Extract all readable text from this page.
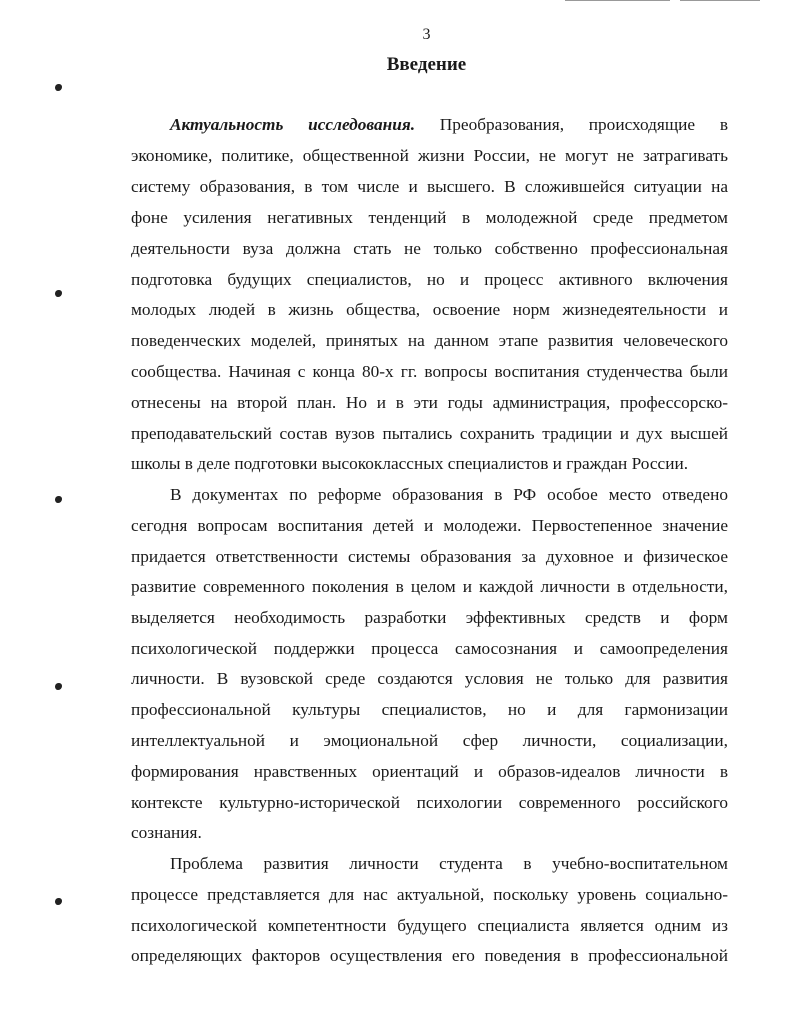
3
Введение
Актуальность исследования. Преобразования, происходящие в
экономике, политике, общественной жизни России, не могут не затрагивать
систему образования, в том числе и высшего. В сложившейся ситуации на
фоне усиления негативных тенденций в молодежной среде предметом
деятельности вуза должна стать не только собственно профессиональная
подготовка будущих специалистов, но и процесс активного включения
молодых людей в жизнь общества, освоение норм жизнедеятельности и
поведенческих моделей, принятых на данном этапе развития человеческого
сообщества. Начиная с конца 80-х гг. вопросы воспитания студенчества были
отнесены на второй план. Но и в эти годы администрация, профессорско-
преподавательский состав вузов пытались сохранить традиции и дух высшей
школы в деле подготовки высококлассных специалистов и граждан России.
В документах по реформе образования в РФ особое место отведено
сегодня вопросам воспитания детей и молодежи. Первостепенное значение
придается ответственности системы образования за духовное и физическое
развитие современного поколения в целом и каждой личности в отдельности,
выделяется необходимость разработки эффективных средств и форм
психологической поддержки процесса самосознания и самоопределения
личности. В вузовской среде создаются условия не только для развития
профессиональной культуры специалистов, но и для гармонизации
интеллектуальной и эмоциональной сфер личности, социализации,
формирования нравственных ориентаций и образов-идеалов личности в
контексте культурно-исторической психологии современного российского
сознания.
Проблема развития личности студента в учебно-воспитательном
процессе представляется для нас актуальной, поскольку уровень социально-
психологической компетентности будущего специалиста является одним из
определяющих факторов осуществления его поведения в профессиональной
